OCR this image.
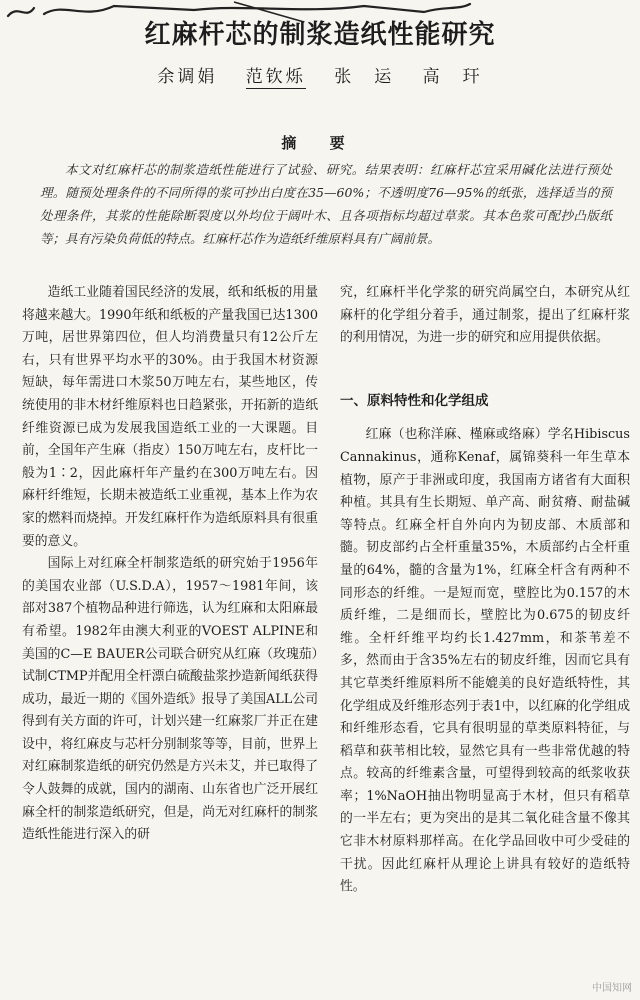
红麻杆芯的制浆造纸性能研究
余调娟 范钦烁 张　运 高　玕
摘 要

本文对红麻杆芯的制浆造纸性能进行了试验、研究。结果表明：红麻杆芯宜采用碱化法进行预处理。随预处理条件的不同所得的浆可抄出白度在35—60%；不透明度76—95%的纸张，选择适当的预处理条件，其浆的性能除断裂度以外均位于阔叶木、且各项指标均超过草浆。其本色浆可配抄凸版纸等；具有污染负荷低的特点。红麻杆芯作为造纸纤维原料具有广阔前景。

造纸工业随着国民经济的发展，纸和纸板的用量将越来越大。1990年纸和纸板的产量我国已达1300万吨，居世界第四位，但人均消费量只有12公斤左右，只有世界平均水平的30%。由于我国木材资源短缺，每年需进口木浆50万吨左右，某些地区，传统使用的非木材纤维原料也日趋紧张，开拓新的造纸纤维资源已成为发展我国造纸工业的一大课题。目前，全国年产生麻（指皮）150万吨左右，皮杆比一般为1∶2，因此麻杆年产量约在300万吨左右。因麻杆纤维短，长期未被造纸工业重视，基本上作为农家的燃料而烧掉。开发红麻杆作为造纸原料具有很重要的意义。

国际上对红麻全杆制浆造纸的研究始于1956年的美国农业部（U.S.D.A），1957～1981年间，该部对387个植物品种进行筛选，认为红麻和太阳麻最有希望。1982年由澳大利亚的VOEST ALPINE和美国的C—E BAUER公司联合研究从红麻（玫瑰茄）试制CTMP并配用全杆漂白硫酸盐浆抄造新闻纸获得成功，最近一期的《国外造纸》报导了美国ALL公司得到有关方面的许可，计划兴建一红麻浆厂并正在建设中，将红麻皮与芯杆分别制浆等等，目前，世界上对红麻制浆造纸的研究仍然是方兴未艾，并已取得了令人鼓舞的成就，国内的湖南、山东省也广泛开展红麻全杆的制浆造纸研究，但是，尚无对红麻杆的制浆造纸性能进行深入的研

究，红麻杆半化学浆的研究尚属空白，本研究从红麻杆的化学组分着手，通过制浆，提出了红麻杆浆的利用情况，为进一步的研究和应用提供依据。

一、原料特性和化学组成

红麻（也称洋麻、槿麻或络麻）学名Hibiscus Cannakinus，通称Kenaf，属锦葵科一年生草本植物，原产于非洲或印度，我国南方诸省有大面积种植。其具有生长期短、单产高、耐贫瘠、耐盐碱等特点。红麻全杆自外向内为韧皮部、木质部和髓。韧皮部约占全杆重量35%，木质部约占全杆重量的64%，髓的含量为1%，红麻全杆含有两种不同形态的纤维。一是短而宽，壁腔比为0.157的木质纤维，二是细而长，壁腔比为0.675的韧皮纤维。全杆纤维平均约长1.427mm，和茶苇差不多，然而由于含35%左右的韧皮纤维，因而它具有其它草类纤维原料所不能媲美的良好造纸特性，其化学组成及纤维形态列于表1中，以红麻的化学组成和纤维形态看，它具有很明显的草类原料特征，与稻草和荻苇相比较，显然它具有一些非常优越的特点。较高的纤维素含量，可望得到较高的纸浆收获率；1%NaOH抽出物明显高于木材，但只有稻草的一半左右；更为突出的是其二氧化硅含量不像其它非木材原料那样高。在化学品回收中可少受硅的干扰。因此红麻杆从理论上讲具有较好的造纸特性。

中国知网
